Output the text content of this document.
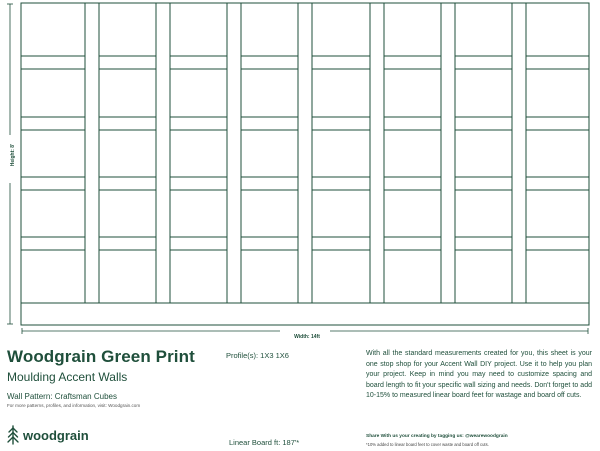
Height: 8'
Width: 14ft
Woodgrain Green Print
Moulding Accent Walls
Wall Pattern: Craftsman Cubes
For more patterns, profiles, and information, visit: Woodgrain.com
Profile(s): 1X3 1X6
Linear Board ft: 187'*
With all the standard measurements created for you, this sheet is your one stop shop for your Accent Wall DIY project. Use it to help you plan your project. Keep in mind you may need to customize spacing and board length to fit your specific wall sizing and needs. Don't forget to add 10-15% to measured linear board feet for wastage and board off cuts.
Share With us your creating by tagging us: @wearewoodgrain
*10% added to linear board feet to cover waste and board off cuts.
woodgrain
